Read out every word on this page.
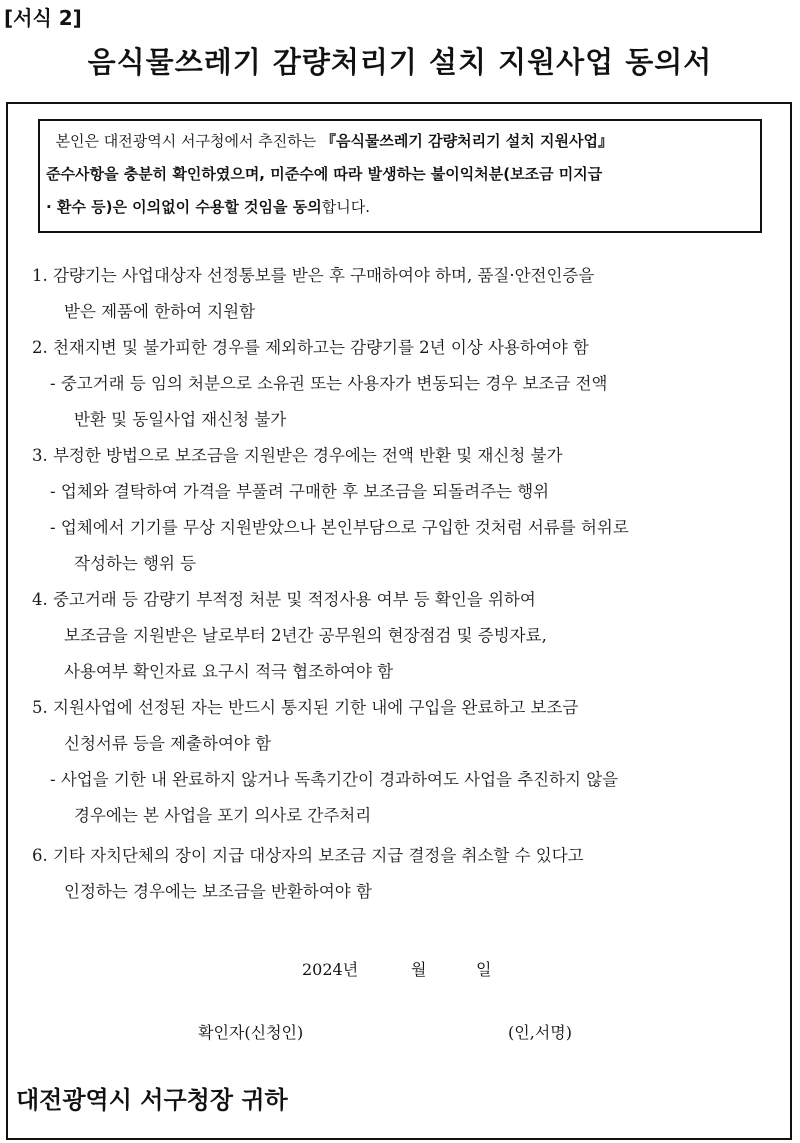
[서식 2]
음식물쓰레기 감량처리기 설치 지원사업 동의서
본인은 대전광역시 서구청에서 추진하는 『음식물쓰레기 감량처리기 설치 지원사업』
준수사항을 충분히 확인하였으며, 미준수에 따라 발생하는 불이익처분(보조금 미지급
· 환수 등)은 이의없이 수용할 것임을 동의합니다.
1. 감량기는 사업대상자 선정통보를 받은 후 구매하여야 하며, 품질·안전인증을
받은 제품에 한하여 지원함
2. 천재지변 및 불가피한 경우를 제외하고는 감량기를 2년 이상 사용하여야 함
- 중고거래 등 임의 처분으로 소유권 또는 사용자가 변동되는 경우 보조금 전액
반환 및 동일사업 재신청 불가
3. 부정한 방법으로 보조금을 지원받은 경우에는 전액 반환 및 재신청 불가
- 업체와 결탁하여 가격을 부풀려 구매한 후 보조금을 되돌려주는 행위
- 업체에서 기기를 무상 지원받았으나 본인부담으로 구입한 것처럼 서류를 허위로
작성하는 행위 등
4. 중고거래 등 감량기 부적정 처분 및 적정사용 여부 등 확인을 위하여
보조금을 지원받은 날로부터 2년간 공무원의 현장점검 및 증빙자료,
사용여부 확인자료 요구시 적극 협조하여야 함
5. 지원사업에 선정된 자는 반드시 통지된 기한 내에 구입을 완료하고 보조금
신청서류 등을 제출하여야 함
- 사업을 기한 내 완료하지 않거나 독촉기간이 경과하여도 사업을 추진하지 않을
경우에는 본 사업을 포기 의사로 간주처리
6. 기타 자치단체의 장이 지급 대상자의 보조금 지급 결정을 취소할 수 있다고
인정하는 경우에는 보조금을 반환하여야 함
2024년	월	일
확인자(신청인)	(인,서명)
대전광역시 서구청장 귀하
